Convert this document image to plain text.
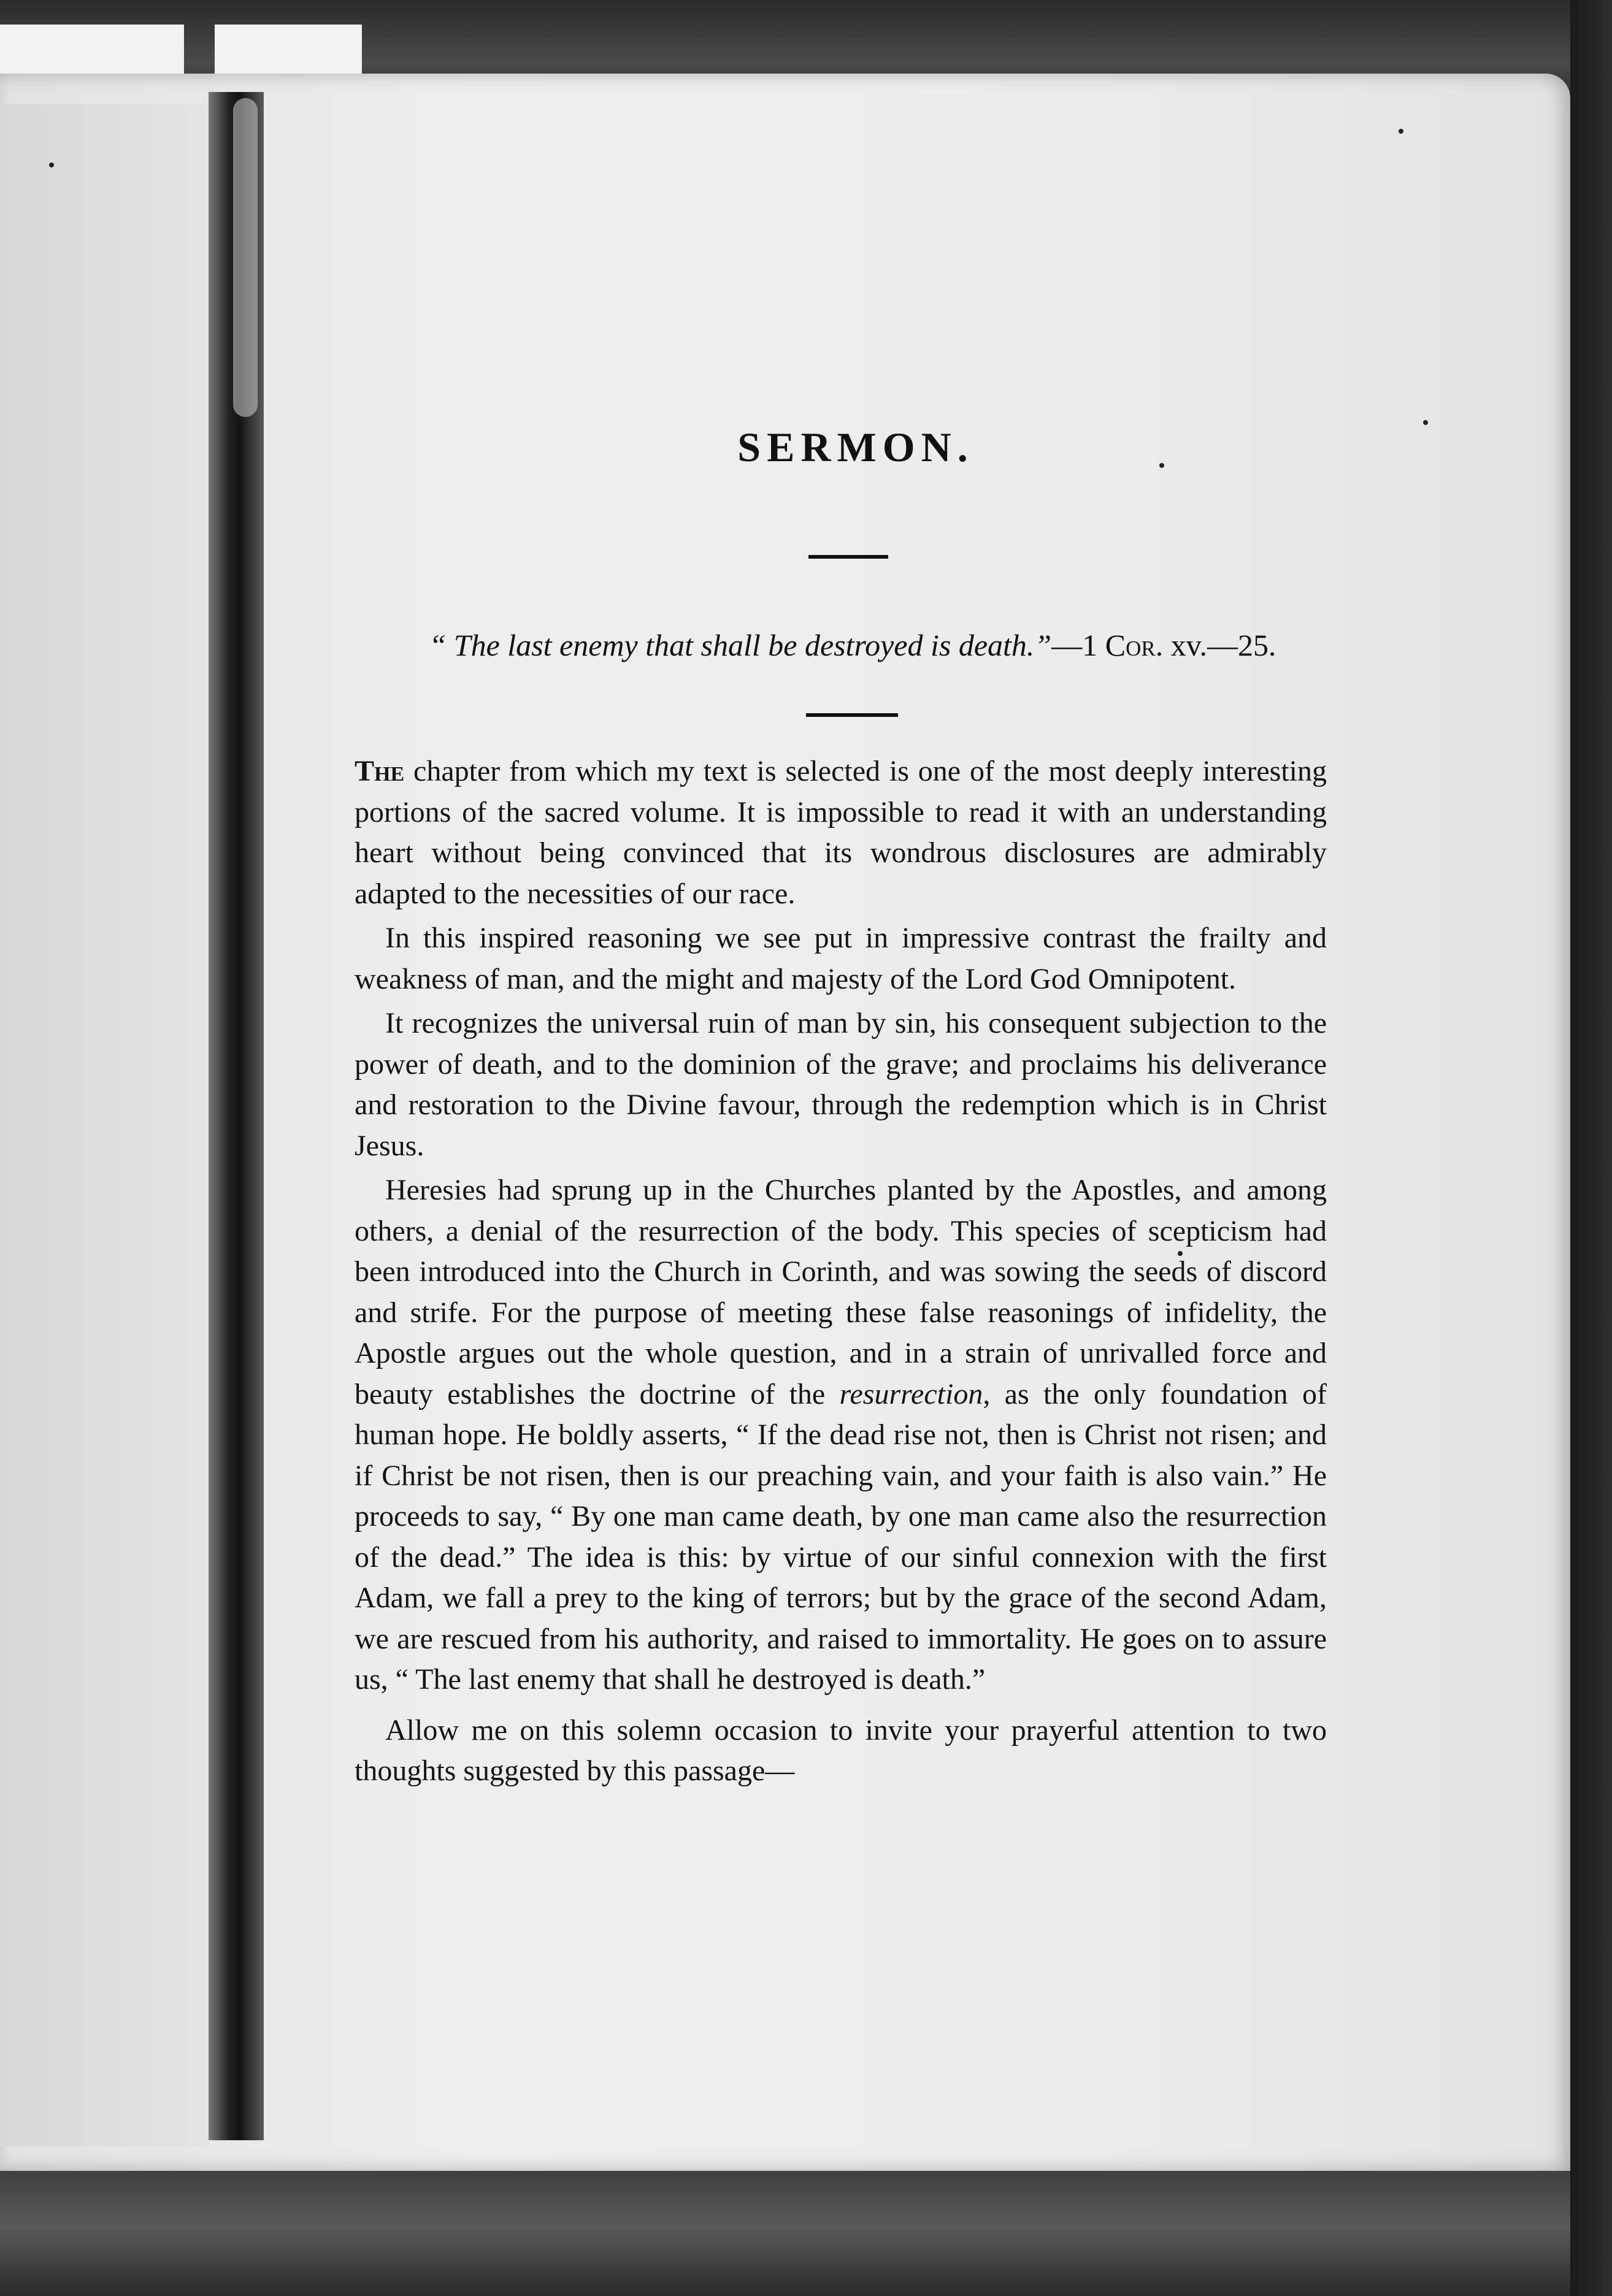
SERMON.

“ The last enemy that shall be destroyed is death.”—1 Cor. xv.—25.

The chapter from which my text is selected is one of the most deeply interesting portions of the sacred volume. It is impossible to read it with an understanding heart without being convinced that its wondrous disclosures are admirably adapted to the necessities of our race.

In this inspired reasoning we see put in impressive contrast the frailty and weakness of man, and the might and majesty of the Lord God Omnipotent.

It recognizes the universal ruin of man by sin, his consequent subjection to the power of death, and to the dominion of the grave; and proclaims his deliverance and restoration to the Divine favour, through the redemption which is in Christ Jesus.

Heresies had sprung up in the Churches planted by the Apostles, and among others, a denial of the resurrection of the body. This species of scepticism had been introduced into the Church in Corinth, and was sowing the seeds of discord and strife. For the purpose of meeting these false reasonings of infidelity, the Apostle argues out the whole question, and in a strain of unrivalled force and beauty establishes the doctrine of the resurrection, as the only foundation of human hope. He boldly asserts, “ If the dead rise not, then is Christ not risen; and if Christ be not risen, then is our preaching vain, and your faith is also vain.” He proceeds to say, “ By one man came death, by one man came also the resurrection of the dead.” The idea is this: by virtue of our sinful connexion with the first Adam, we fall a prey to the king of terrors; but by the grace of the second Adam, we are rescued from his authority, and raised to immortality. He goes on to assure us, “ The last enemy that shall he destroyed is death.”

Allow me on this solemn occasion to invite your prayerful attention to two thoughts suggested by this passage—
